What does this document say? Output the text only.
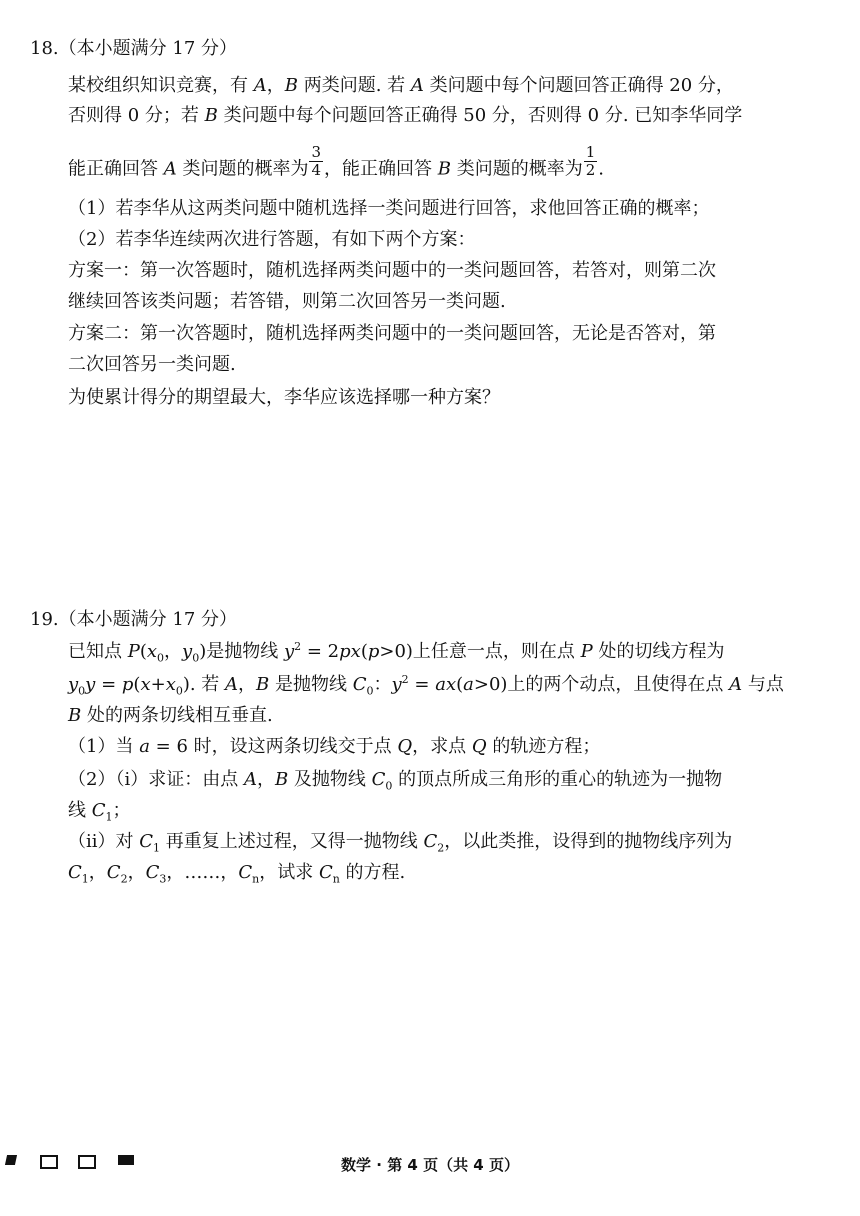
18.（本小题满分 17 分）
某校组织知识竞赛，有 A，B 两类问题. 若 A 类问题中每个问题回答正确得 20 分，
否则得 0 分；若 B 类问题中每个问题回答正确得 50 分，否则得 0 分. 已知李华同学
能正确回答 A 类问题的概率为 $\frac{3}{4}$ ，能正确回答 B 类问题的概率为 $\frac{1}{2}$ .
（1）若李华从这两类问题中随机选择一类问题进行回答，求他回答正确的概率；
（2）若李华连续两次进行答题，有如下两个方案：
方案一：第一次答题时，随机选择两类问题中的一类问题回答，若答对，则第二次
继续回答该类问题；若答错，则第二次回答另一类问题.
方案二：第一次答题时，随机选择两类问题中的一类问题回答，无论是否答对，第
二次回答另一类问题.
为使累计得分的期望最大，李华应该选择哪一种方案？
19.（本小题满分 17 分）
已知点 $P(x_0$，$y_0$)是抛物线 $y^2 = 2px(p>0)$上任意一点，则在点 P 处的切线方程为
$y_0y = p(x+x_0)$. 若 A，B 是抛物线 $C_0$：$y^2 = ax(a>0)$上的两个动点，且使得在点 A 与点
B 处的两条切线相互垂直.
（1）当 a = 6 时，设这两条切线交于点 Q，求点 Q 的轨迹方程；
（2）（i）求证：由点 A，B 及抛物线 $C_0$ 的顶点所成三角形的重心的轨迹为一抛物
线 $C_1$；
（ii）对 $C_1$ 再重复上述过程，又得一抛物线 $C_2$，以此类推，设得到的抛物线序列为
$C_1$，$C_2$，$C_3$，……，$C_n$，试求 $C_n$ 的方程.
数学 · 第 4 页（共 4 页）
